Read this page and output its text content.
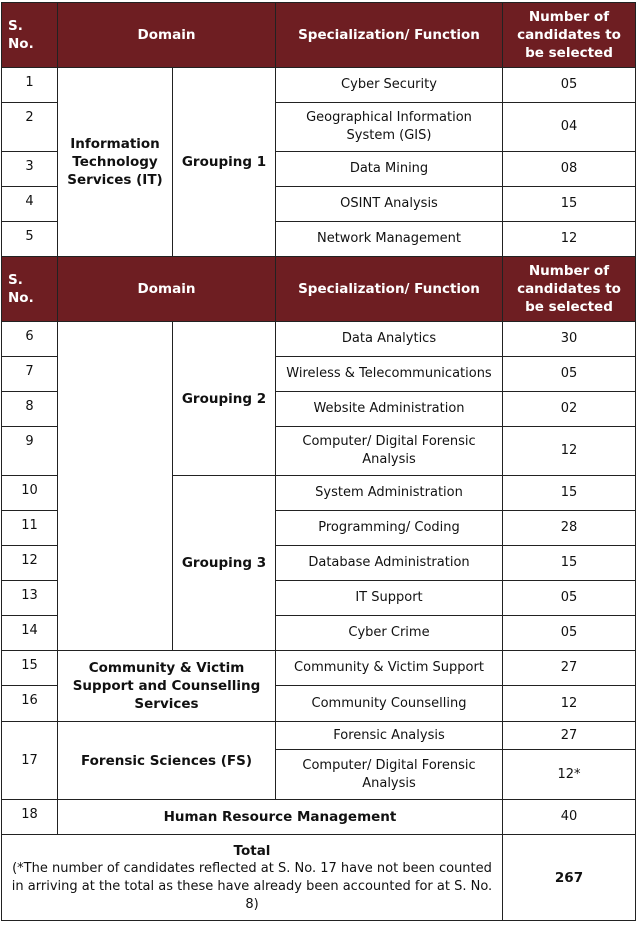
S. No.	Domain		Specialization/ Function	Number of candidates to be selected
1	Information Technology Services (IT)	Grouping 1	Cyber Security	05
2			Geographical Information System (GIS)	04
3			Data Mining	08
4			OSINT Analysis	15
5			Network Management	12
S. No.	Domain		Specialization/ Function	Number of candidates to be selected
6		Grouping 2	Data Analytics	30
7			Wireless & Telecommunications	05
8			Website Administration	02
9			Computer/ Digital Forensic Analysis	12
10		Grouping 3	System Administration	15
11			Programming/ Coding	28
12			Database Administration	15
13			IT Support	05
14			Cyber Crime	05
15	Community & Victim Support and Counselling Services		Community & Victim Support	27
16			Community Counselling	12
17	Forensic Sciences (FS)		Forensic Analysis	27
			Computer/ Digital Forensic Analysis	12*
18	Human Resource Management			40

Total
(*The number of candidates reflected at S. No. 17 have not been counted in arriving at the total as these have already been accounted for at S. No. 8)				267
